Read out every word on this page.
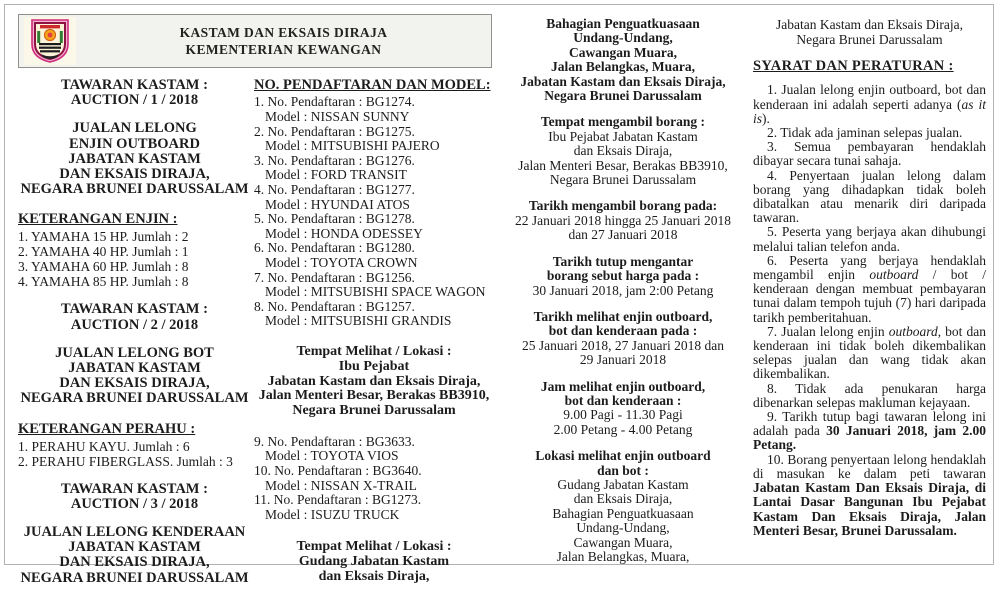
KASTAM DAN EKSAIS DIRAJA
KEMENTERIAN KEWANGAN
TAWARAN KASTAM :
AUCTION / 1 / 2018
JUALAN LELONG
ENJIN OUTBOARD
JABATAN KASTAM
DAN EKSAIS DIRAJA,
NEGARA BRUNEI DARUSSALAM
KETERANGAN ENJIN :
1. YAMAHA 15 HP. Jumlah : 2
2. YAMAHA 40 HP. Jumlah : 1
3. YAMAHA 60 HP. Jumlah : 8
4. YAMAHA 85 HP. Jumlah : 8
TAWARAN KASTAM :
AUCTION / 2 / 2018
JUALAN LELONG BOT
JABATAN KASTAM
DAN EKSAIS DIRAJA,
NEGARA BRUNEI DARUSSALAM
KETERANGAN PERAHU :
1. PERAHU KAYU. Jumlah : 6
2. PERAHU FIBERGLASS. Jumlah : 3
TAWARAN KASTAM :
AUCTION / 3 / 2018
JUALAN LELONG KENDERAAN
JABATAN KASTAM
DAN EKSAIS DIRAJA,
NEGARA BRUNEI DARUSSALAM
NO. PENDAFTARAN DAN MODEL:
1. No. Pendaftaran : BG1274.
Model : NISSAN SUNNY
2. No. Pendaftaran : BG1275.
Model : MITSUBISHI PAJERO
3. No. Pendaftaran : BG1276.
Model : FORD TRANSIT
4. No. Pendaftaran : BG1277.
Model : HYUNDAI ATOS
5. No. Pendaftaran : BG1278.
Model : HONDA ODESSEY
6. No. Pendaftaran : BG1280.
Model : TOYOTA CROWN
7. No. Pendaftaran : BG1256.
Model : MITSUBISHI SPACE WAGON
8. No. Pendaftaran : BG1257.
Model : MITSUBISHI GRANDIS
Tempat Melihat / Lokasi :
Ibu Pejabat
Jabatan Kastam dan Eksais Diraja,
Jalan Menteri Besar, Berakas BB3910,
Negara Brunei Darussalam
9. No. Pendaftaran : BG3633.
Model : TOYOTA VIOS
10. No. Pendaftaran : BG3640.
Model : NISSAN X-TRAIL
11. No. Pendaftaran : BG1273.
Model : ISUZU TRUCK
Tempat Melihat / Lokasi :
Gudang Jabatan Kastam
dan Eksais Diraja,
Bahagian Penguatkuasaan
Undang-Undang,
Cawangan Muara,
Jalan Belangkas, Muara,
Jabatan Kastam dan Eksais Diraja,
Negara Brunei Darussalam
Tempat mengambil borang :
Ibu Pejabat Jabatan Kastam
dan Eksais Diraja,
Jalan Menteri Besar, Berakas BB3910,
Negara Brunei Darussalam
Tarikh mengambil borang pada:
22 Januari 2018 hingga 25 Januari 2018
dan 27 Januari 2018
Tarikh tutup mengantar
borang sebut harga pada :
30 Januari 2018, jam 2:00 Petang
Tarikh melihat enjin outboard,
bot dan kenderaan pada :
25 Januari 2018, 27 Januari 2018 dan
29 Januari 2018
Jam melihat enjin outboard,
bot dan kenderaan :
9.00 Pagi - 11.30 Pagi
2.00 Petang - 4.00 Petang
Lokasi melihat enjin outboard
dan bot :
Gudang Jabatan Kastam
dan Eksais Diraja,
Bahagian Penguatkuasaan
Undang-Undang,
Cawangan Muara,
Jalan Belangkas, Muara,
Jabatan Kastam dan Eksais Diraja,
Negara Brunei Darussalam
SYARAT DAN PERATURAN :

1. Jualan lelong enjin outboard, bot dan kenderaan ini adalah seperti adanya (as it is).

2. Tidak ada jaminan selepas jualan.

3. Semua pembayaran hendaklah dibayar secara tunai sahaja.

4. Penyertaan jualan lelong dalam borang yang dihadapkan tidak boleh dibatalkan atau menarik diri daripada tawaran.

5. Peserta yang berjaya akan dihubungi melalui talian telefon anda.

6. Peserta yang berjaya hendaklah mengambil enjin outboard / bot / kenderaan dengan membuat pembayaran tunai dalam tempoh tujuh (7) hari daripada tarikh pemberitahuan.

7. Jualan lelong enjin outboard, bot dan kenderaan ini tidak boleh dikembalikan selepas jualan dan wang tidak akan dikembalikan.

8. Tidak ada penukaran harga dibenarkan selepas makluman kejayaan.

9. Tarikh tutup bagi tawaran lelong ini adalah pada 30 Januari 2018, jam 2.00 Petang.

10. Borang penyertaan lelong hendaklah di masukan ke dalam peti tawaran Jabatan Kastam Dan Eksais Diraja, di Lantai Dasar Bangunan Ibu Pejabat Kastam Dan Eksais Diraja, Jalan Menteri Besar, Brunei Darussalam.
